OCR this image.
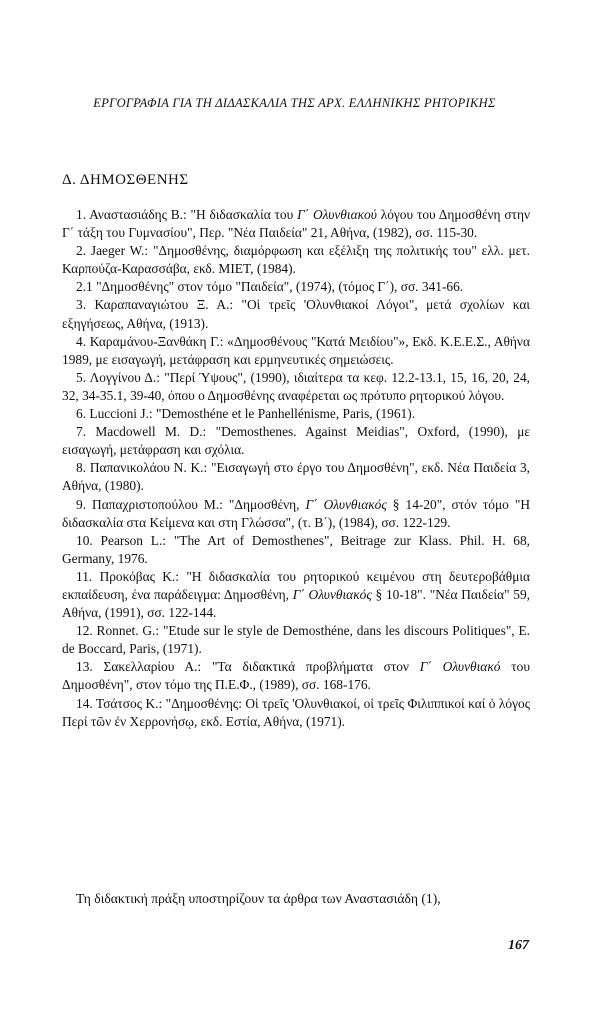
ΕΡΓΟΓΡΑΦΙΑ ΓΙΑ ΤΗ ΔΙΔΑΣΚΑΛΙΑ ΤΗΣ ΑΡΧ. ΕΛΛΗΝΙΚΗΣ ΡΗΤΟΡΙΚΗΣ
Δ. ΔΗΜΟΣΘΕΝΗΣ

1. Αναστασιάδης Β.: "Η διδασκαλία του Γ΄ Ολυνθιακού λόγου του Δημοσθένη στην Γ΄ τάξη του Γυμνασίου", Περ. "Νέα Παιδεία" 21, Αθήνα, (1982), σσ. 115-30.

2. Jaeger W.: "Δημοσθένης, διαμόρφωση και εξέλιξη της πολιτικής του" ελλ. μετ. Καρπούζα-Καρασσάβα, εκδ. ΜΙΕΤ, (1984).

2.1 "Δημοσθένης" στον τόμο "Παιδεία", (1974), (τόμος Γ΄), σσ. 341-66.

3. Καραπαναγιώτου Ξ. Α.: "Οἱ τρεῖς 'Ολυνθιακοί Λόγοι", μετά σχολίων και εξηγήσεως, Αθήνα, (1913).

4. Καραμάνου-Ξανθάκη Γ.: «Δημοσθένους "Κατά Μειδίου"», Εκδ. Κ.Ε.Ε.Σ., Αθήνα 1989, με εισαγωγή, μετάφραση και ερμηνευτικές σημειώσεις.

5. Λογγίνου Δ.: "Περί Ύψους", (1990), ιδιαίτερα τα κεφ. 12.2-13.1, 15, 16, 20, 24, 32, 34-35.1, 39-40, όπου ο Δημοσθένης αναφέρεται ως πρότυπο ρητορικού λόγου.

6. Luccioni J.: "Demosthéne et le Panhellénisme, Paris, (1961).

7. Macdowell M. D.: "Demosthenes. Against Meidias", Oxford, (1990), με εισαγωγή, μετάφραση και σχόλια.

8. Παπανικολάου Ν. Κ.: "Εισαγωγή στο έργο του Δημοσθένη", εκδ. Νέα Παιδεία 3, Αθήνα, (1980).

9. Παπαχριστοπούλου Μ.: "Δημοσθένη, Γ΄ Ολυνθιακός § 14-20", στόν τόμο "Η διδασκαλία στα Κείμενα και στη Γλώσσα", (τ. Β΄), (1984), σσ. 122-129.

10. Pearson L.: "The Art of Demosthenes", Beitrage zur Klass. Phil. H. 68, Germany, 1976.

11. Προκόβας Κ.: "Η διδασκαλία του ρητορικού κειμένου στη δευτεροβάθμια εκπαίδευση, ένα παράδειγμα: Δημοσθένη, Γ΄ Ολυνθιακός § 10-18". "Νέα Παιδεία" 59, Αθήνα, (1991), σσ. 122-144.

12. Ronnet. G.: "Etude sur le style de Demosthéne, dans les discours Politiques", E. de Boccard, Paris, (1971).

13. Σακελλαρίου Α.: "Τα διδακτικά προβλήματα στον Γ΄ Ολυνθιακό του Δημοσθένη", στον τόμο της Π.Ε.Φ., (1989), σσ. 168-176.

14. Τσάτσος Κ.: "Δημοσθένης: Οἱ τρεῖς 'Ολυνθιακοί, οἱ τρεῖς Φιλιππικοί καί ὁ λόγος Περί τῶν ἐν Χερρονήσῳ, εκδ. Εστία, Αθήνα, (1971).

Τη διδακτική πράξη υποστηρίζουν τα άρθρα των Αναστασιάδη (1),
167
